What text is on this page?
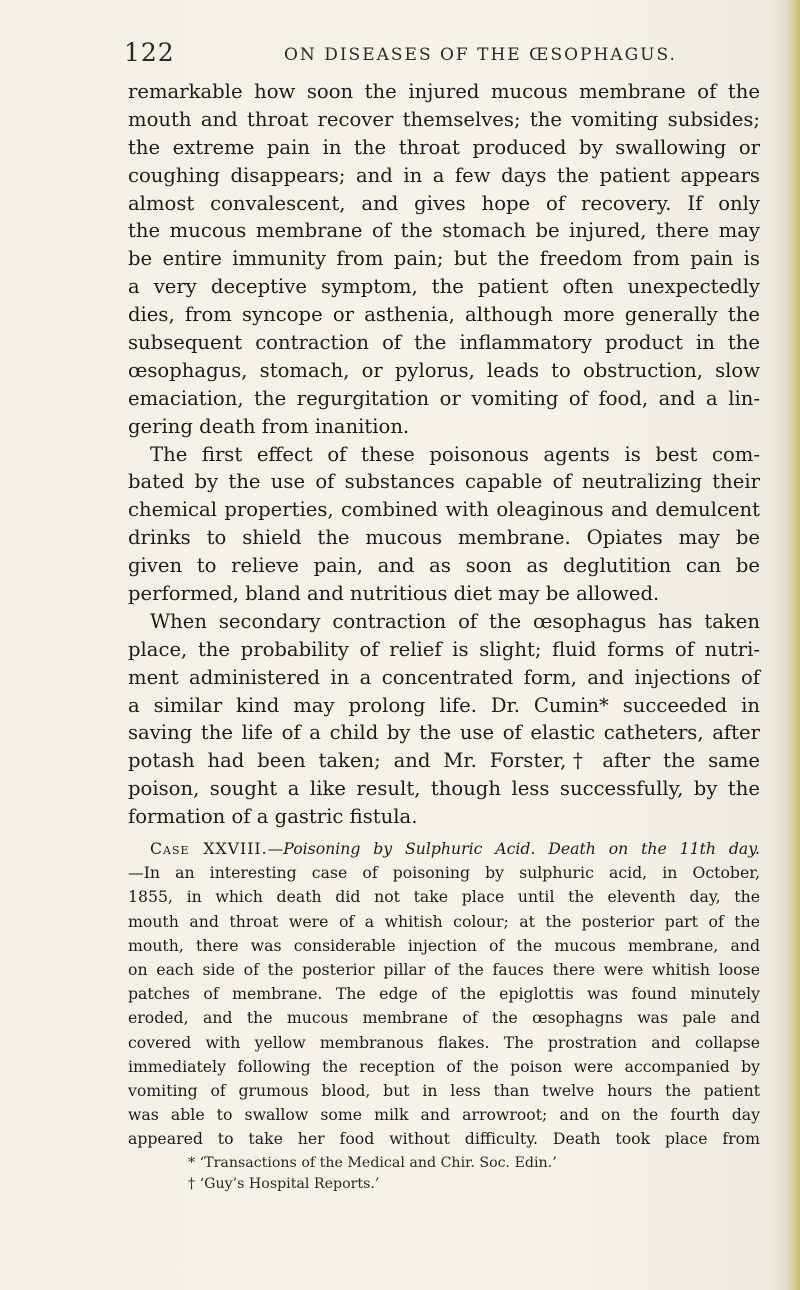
122	ON DISEASES OF THE ŒSOPHAGUS.
remarkable how soon the injured mucous membrane of the
mouth and throat recover themselves; the vomiting subsides;
the extreme pain in the throat produced by swallowing or
coughing disappears; and in a few days the patient appears
almost convalescent, and gives hope of recovery. If only
the mucous membrane of the stomach be injured, there may
be entire immunity from pain; but the freedom from pain is
a very deceptive symptom, the patient often unexpectedly
dies, from syncope or asthenia, although more generally the
subsequent contraction of the inflammatory product in the
œsophagus, stomach, or pylorus, leads to obstruction, slow
emaciation, the regurgitation or vomiting of food, and a lin-
gering death from inanition.
The first effect of these poisonous agents is best com-
bated by the use of substances capable of neutralizing their
chemical properties, combined with oleaginous and demulcent
drinks to shield the mucous membrane. Opiates may be
given to relieve pain, and as soon as deglutition can be
performed, bland and nutritious diet may be allowed.
When secondary contraction of the œsophagus has taken
place, the probability of relief is slight; fluid forms of nutri-
ment administered in a concentrated form, and injections of
a similar kind may prolong life. Dr. Cumin* succeeded in
saving the life of a child by the use of elastic catheters, after
potash had been taken; and Mr. Forster,† after the same
poison, sought a like result, though less successfully, by the
formation of a gastric fistula.
Case XXVIII.—Poisoning by Sulphuric Acid. Death on the 11th day.
—In an interesting case of poisoning by sulphuric acid, in October,
1855, in which death did not take place until the eleventh day, the
mouth and throat were of a whitish colour; at the posterior part of the
mouth, there was considerable injection of the mucous membrane, and
on each side of the posterior pillar of the fauces there were whitish loose
patches of membrane. The edge of the epiglottis was found minutely
eroded, and the mucous membrane of the œsophagns was pale and
covered with yellow membranous flakes. The prostration and collapse
immediately following the reception of the poison were accompanied by
vomiting of grumous blood, but in less than twelve hours the patient
was able to swallow some milk and arrowroot; and on the fourth day
appeared to take her food without difficulty. Death took place from
* ‘Transactions of the Medical and Chir. Soc. Edin.’
† ‘Guy’s Hospital Reports.’
